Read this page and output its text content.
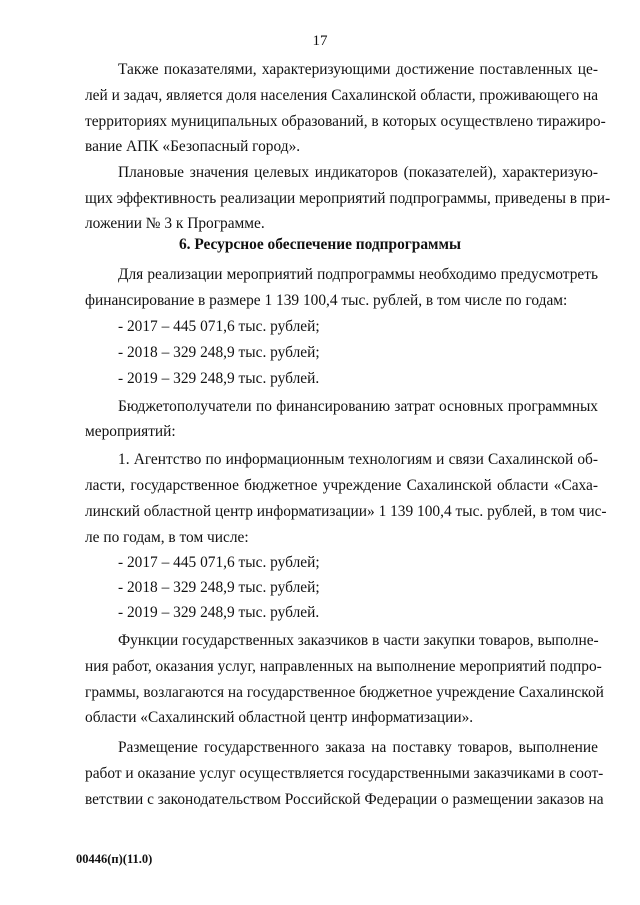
17
Также показателями, характеризующими достижение поставленных це-
лей и задач, является доля населения Сахалинской области, проживающего на
территориях муниципальных образований, в которых осуществлено тиражиро-
вание АПК «Безопасный город».
Плановые значения целевых индикаторов (показателей), характеризую-
щих эффективность реализации мероприятий подпрограммы, приведены в при-
ложении № 3 к Программе.
6. Ресурсное обеспечение подпрограммы
Для реализации мероприятий подпрограммы необходимо предусмотреть
финансирование в размере 1 139 100,4 тыс. рублей, в том числе по годам:
- 2017 – 445 071,6 тыс. рублей;
- 2018 – 329 248,9 тыс. рублей;
- 2019 – 329 248,9 тыс. рублей.
Бюджетополучатели по финансированию затрат основных программных
мероприятий:
1. Агентство по информационным технологиям и связи Сахалинской об-
ласти, государственное бюджетное учреждение Сахалинской области «Саха-
линский областной центр информатизации» 1 139 100,4 тыс. рублей, в том чис-
ле по годам, в том числе:
- 2017 – 445 071,6 тыс. рублей;
- 2018 – 329 248,9 тыс. рублей;
- 2019 – 329 248,9 тыс. рублей.
Функции государственных заказчиков в части закупки товаров, выполне-
ния работ, оказания услуг, направленных на выполнение мероприятий подпро-
граммы, возлагаются на государственное бюджетное учреждение Сахалинской
области «Сахалинский областной центр информатизации».
Размещение государственного заказа на поставку товаров, выполнение
работ и оказание услуг осуществляется государственными заказчиками в соот-
ветствии с законодательством Российской Федерации о размещении заказов на
00446(п)(11.0)
